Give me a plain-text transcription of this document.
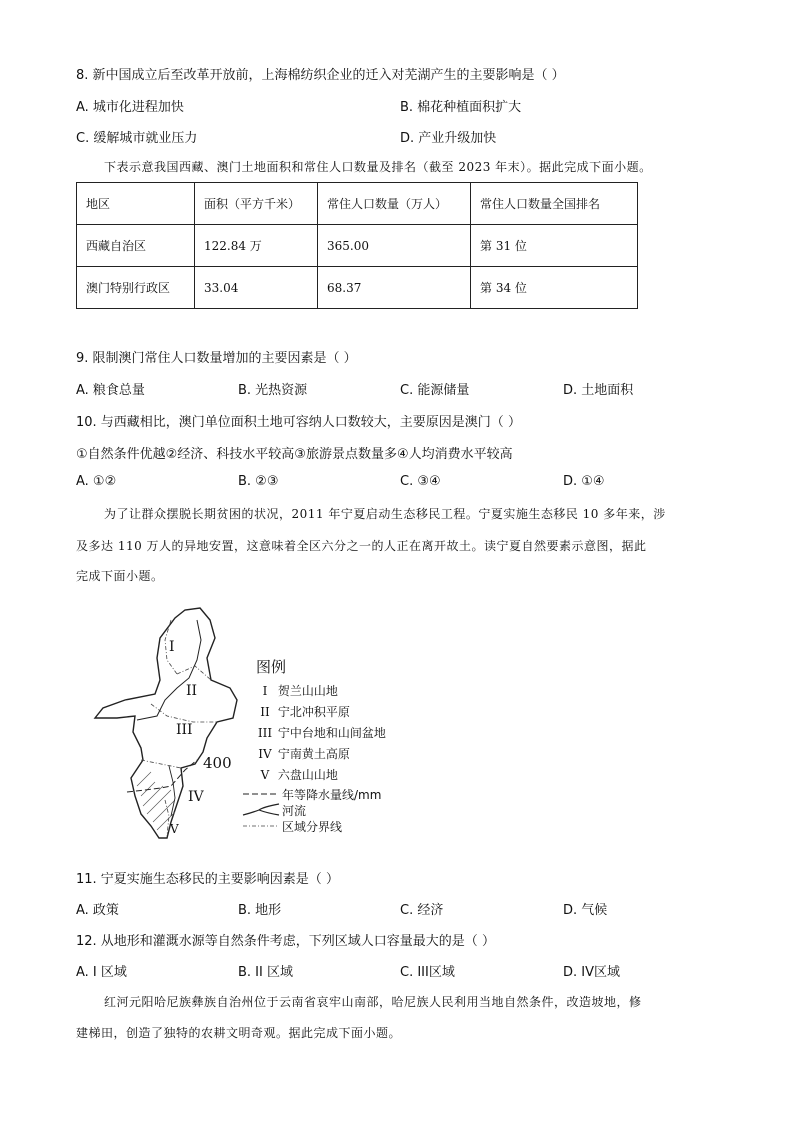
8. 新中国成立后至改革开放前，上海棉纺织企业的迁入对芜湖产生的主要影响是（ ）
A. 城市化进程加快	B. 棉花种植面积扩大
C. 缓解城市就业压力	D. 产业升级加快
下表示意我国西藏、澳门土地面积和常住人口数量及排名（截至 2023 年末）。据此完成下面小题。
地区	面积（平方千米）	常住人口数量（万人）	常住人口数量全国排名
西藏自治区	122.84 万	365.00	第 31 位
澳门特别行政区	33.04	68.37	第 34 位
9. 限制澳门常住人口数量增加的主要因素是（ ）
A. 粮食总量	B. 光热资源	C. 能源储量	D. 土地面积
10. 与西藏相比，澳门单位面积土地可容纳人口数较大，主要原因是澳门（ ）
①自然条件优越②经济、科技水平较高③旅游景点数量多④人均消费水平较高
A. ①②	B. ②③	C. ③④	D. ①④
为了让群众摆脱长期贫困的状况，2011 年宁夏启动生态移民工程。宁夏实施生态移民 10 多年来，涉
及多达 110 万人的异地安置，这意味着全区六分之一的人正在离开故土。读宁夏自然要素示意图，据此
完成下面小题。
I
II
III
IV
V
400
图例
I 贺兰山山地
II 宁北冲积平原
III 宁中台地和山间盆地
IV 宁南黄土高原
V 六盘山山地
年等降水量线/mm
河流
区域分界线
11. 宁夏实施生态移民的主要影响因素是（ ）
A. 政策	B. 地形	C. 经济	D. 气候
12. 从地形和灌溉水源等自然条件考虑，下列区域人口容量最大的是（ ）
A. I 区域	B. II 区域	C. III区域	D. IV区域
红河元阳哈尼族彝族自治州位于云南省哀牢山南部，哈尼族人民利用当地自然条件，改造坡地，修
建梯田，创造了独特的农耕文明奇观。据此完成下面小题。
